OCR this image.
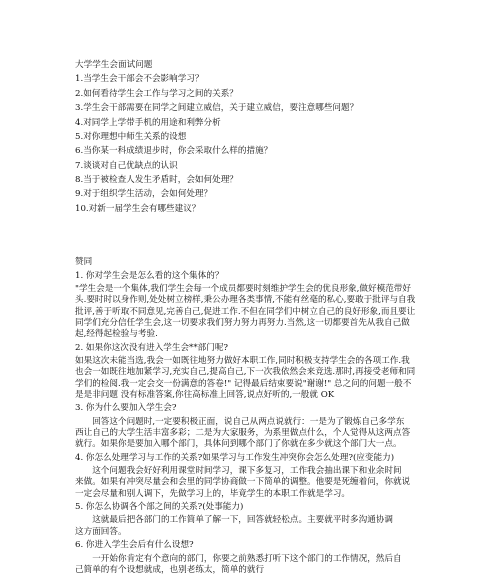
大学学生会面试问题

1.当学生会干部会不会影响学习？

2.如何看待学生会工作与学习之间的关系？

3.学生会干部需要在同学之间建立威信，关于建立威信，要注意哪些问题？

4.对同学上学带手机的用途和利弊分析

5.对你理想中师生关系的设想

6.当你某一科成绩退步时，你会采取什么样的措施？

7.谈谈对自己优缺点的认识

8.当于被检查人发生矛盾时，会如何处理？

9.对于组织学生活动，会如何处理？

10.对新一届学生会有哪些建议？

赞同

1. 你对学生会是怎么看的这个集体的？

"学生会是一个集体,我们学生会每一个成员都要时刻维护学生会的优良形象,做好模范带好

头.要时时以身作则,处处树立榜样,秉公办理各类事情,不能有丝毫的私心,要敢于批评与自我

批评,善于听取不同意见,完善自己,促进工作.不但在同学们中树立自己的良好形象,而且要让

同学们充分信任学生会,这一切要求我们努力努力再努力.当然,这一切都要首先从我自己做

起,经得起检验与考验.

2. 如果你这次没有进入学生会**部门呢?

如果这次未能当选,我会一如既往地努力做好本职工作,同时积极支持学生会的各项工作.我

也会一如既往地加紧学习,充实自己,提高自己,下一次我依然会来竞选.那时,再接受老师和同

学们的检阅.我一定会交一份满意的答卷!" 记得最后结束要说"谢谢!" 总之问的问题一般不

是是非问题 没有标准答案,你往高标准上回答,说点好听的,一般就 OK

3. 你为什么要加入学生会?

回答这个问题时,一定要积极正面，说自己从两点说就行：一是为了锻炼自己多学东

西让自己的大学生活丰富多彩；二是为大家服务，为系里做点什么，个人觉得从这两点答

就行。如果你是要加入哪个部门，具体问到哪个部门了你就在多少就这个部门大一点。

4. 你怎么处理学习与工作的关系?如果学习与工作发生冲突你会怎么处理?(应变能力)

这个问题我会好好利用课堂时间学习，课下多复习，工作我会抽出课下和业余时间

来做。如果有冲突尽量会和会里的同学协商做一下简单的调整。他要是死缠着问，你就说

一定会尽量和别人调下，先做学习上的，毕竟学生的本职工作就是学习。

5. 你怎么协调各个部之间的关系?(处事能力)

这就最后把各部门的工作简单了解一下，回答就轻松点。主要就平时多沟通协调

这方面回答。

6. 你进入学生会后有什么设想?

一开始你肯定有个意向的部门，你要之前熟悉打听下这个部门的工作情况，然后自

己简单的有个设想就成，也别老练太，简单的就行
